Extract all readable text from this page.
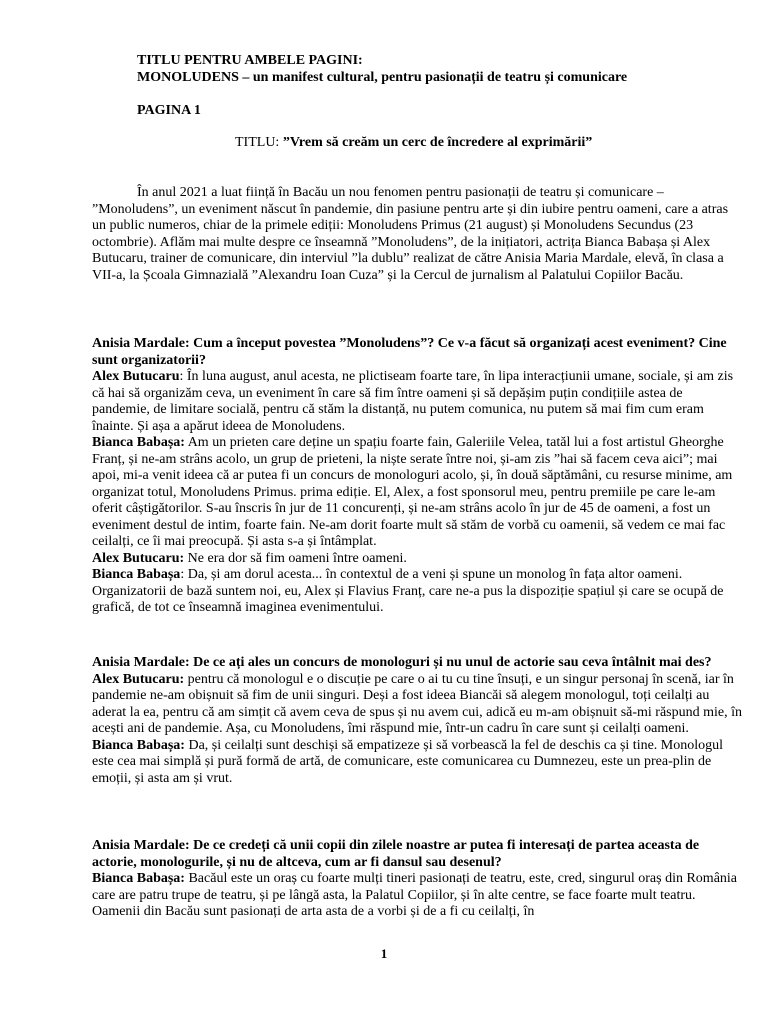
TITLU PENTRU AMBELE PAGINI:
MONOLUDENS – un manifest cultural, pentru pasionații de teatru și comunicare
PAGINA 1
TITLU: ”Vrem să creăm un cerc de încredere al exprimării”
În anul 2021 a luat ființă în Bacău un nou fenomen pentru pasionații de teatru și comunicare – ”Monoludens”, un eveniment născut în pandemie, din pasiune pentru arte și din iubire pentru oameni, care a atras un public numeros, chiar de la primele ediții: Monoludens Primus (21 august) și Monoludens Secundus (23 octombrie). Aflăm mai multe despre ce înseamnă ”Monoludens”, de la inițiatori, actrița Bianca Babașa și Alex Butucaru, trainer de comunicare, din interviul ”la dublu” realizat de către Anisia Maria Mardale, elevă, în clasa a VII-a, la Școala Gimnazială ”Alexandru Ioan Cuza” și la Cercul de jurnalism al Palatului Copiilor Bacău.
Anisia Mardale: Cum a început povestea ”Monoludens”? Ce v-a făcut să organizați acest eveniment? Cine sunt organizatorii?
Alex Butucaru: În luna august, anul acesta, ne plictiseam foarte tare, în lipa interacțiunii umane, sociale, și am zis că hai să organizăm ceva, un eveniment în care să fim între oameni și să depășim puțin condițiile astea de pandemie, de limitare socială, pentru că stăm la distanță, nu putem comunica, nu putem să mai fim cum eram înainte. Și așa a apărut ideea de Monoludens.
Bianca Babașa: Am un prieten care deține un spațiu foarte fain, Galeriile Velea, tatăl lui a fost artistul Gheorghe Franț, și ne-am strâns acolo, un grup de prieteni, la niște serate între noi, și-am zis ”hai să facem ceva aici”; mai apoi, mi-a venit ideea că ar putea fi un concurs de monologuri acolo, și, în două săptămâni, cu resurse minime, am organizat totul, Monoludens Primus. prima ediție. El, Alex, a fost sponsorul meu, pentru premiile pe care le-am oferit câștigătorilor. S-au înscris în jur de 11 concurenți, și ne-am strâns acolo în jur de 45 de oameni, a fost un eveniment destul de intim, foarte fain. Ne-am dorit foarte mult să stăm de vorbă cu oamenii, să vedem ce mai fac ceilalți, ce îi mai preocupă. Și asta s-a și întâmplat.
Alex Butucaru: Ne era dor să fim oameni între oameni.
Bianca Babașa: Da, și am dorul acesta... în contextul de a veni și spune un monolog în fața altor oameni. Organizatorii de bază suntem noi, eu, Alex și Flavius Franț, care ne-a pus la dispoziție spațiul și care se ocupă de grafică, de tot ce înseamnă imaginea evenimentului.
Anisia Mardale: De ce ați ales un concurs de monologuri și nu unul de actorie sau ceva întâlnit mai des?
Alex Butucaru: pentru că monologul e o discuție pe care o ai tu cu tine însuți, e un singur personaj în scenă, iar în pandemie ne-am obișnuit să fim de unii singuri. Deși a fost ideea Biancăi să alegem monologul, toți ceilalți au aderat la ea, pentru că am simțit că avem ceva de spus și nu avem cui, adică eu m-am obișnuit să-mi răspund mie, în acești ani de pandemie. Așa, cu Monoludens, îmi răspund mie, într-un cadru în care sunt și ceilalți oameni.
Bianca Babașa: Da, și ceilalți sunt deschiși să empatizeze și să vorbească la fel de deschis ca și tine. Monologul este cea mai simplă și pură formă de artă, de comunicare, este comunicarea cu Dumnezeu, este un prea-plin de emoții, și asta am și vrut.
Anisia Mardale: De ce credeți că unii copii din zilele noastre ar putea fi interesați de partea aceasta de actorie, monologurile, și nu de altceva, cum ar fi dansul sau desenul?
Bianca Babașa: Bacăul este un oraș cu foarte mulți tineri pasionați de teatru, este, cred, singurul oraș din România care are patru trupe de teatru, și pe lângă asta, la Palatul Copiilor, și în alte centre, se face foarte mult teatru. Oamenii din Bacău sunt pasionați de arta asta de a vorbi și de a fi cu ceilalți, în
1
